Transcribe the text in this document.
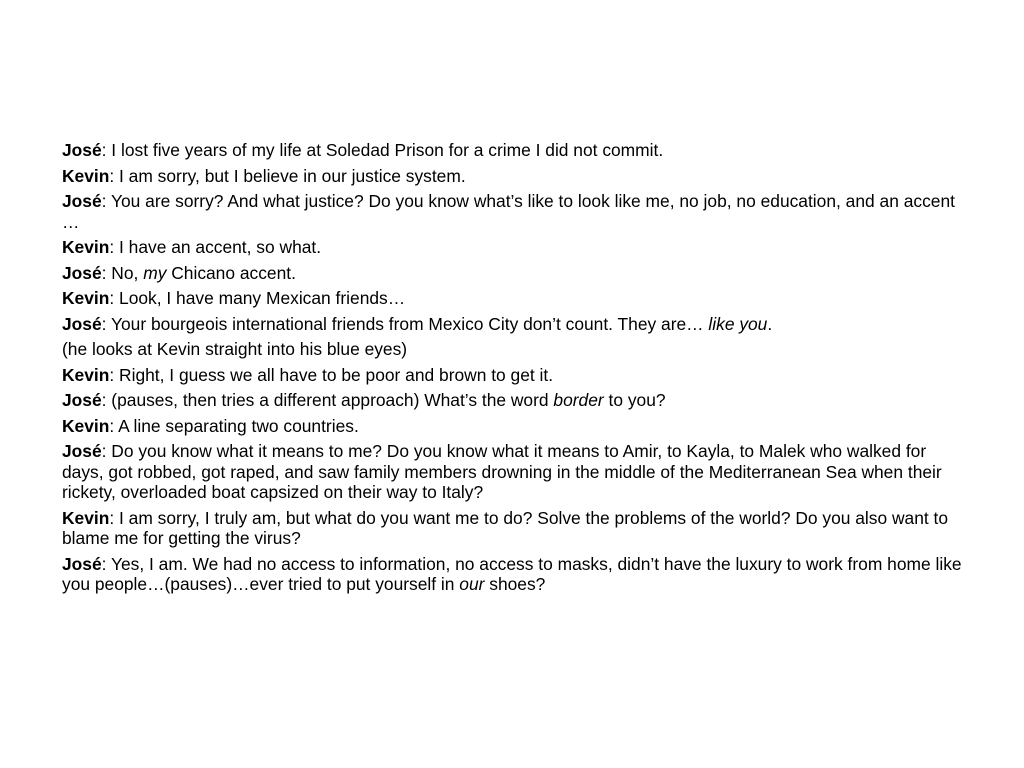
José: I lost five years of my life at Soledad Prison for a crime I did not commit.
Kevin: I am sorry, but I believe in our justice system.
José: You are sorry? And what justice? Do you know what’s like to look like me, no job, no education, and an accent …
Kevin: I have an accent, so what.
José: No, my Chicano accent.
Kevin: Look, I have many Mexican friends…
José: Your bourgeois international friends from Mexico City don’t count. They are… like you.
(he looks at Kevin straight into his blue eyes)
Kevin: Right, I guess we all have to be poor and brown to get it.
José: (pauses, then tries a different approach) What’s the word border to you?
Kevin: A line separating two countries.
José: Do you know what it means to me? Do you know what it means to Amir, to Kayla, to Malek who walked for days, got robbed, got raped, and saw family members drowning in the middle of the Mediterranean Sea when their rickety, overloaded boat capsized on their way to Italy?
Kevin: I am sorry, I truly am, but what do you want me to do? Solve the problems of the world? Do you also want to blame me for getting the virus?
José: Yes, I am. We had no access to information, no access to masks, didn’t have the luxury to work from home like you people…(pauses)…ever tried to put yourself in our shoes?
